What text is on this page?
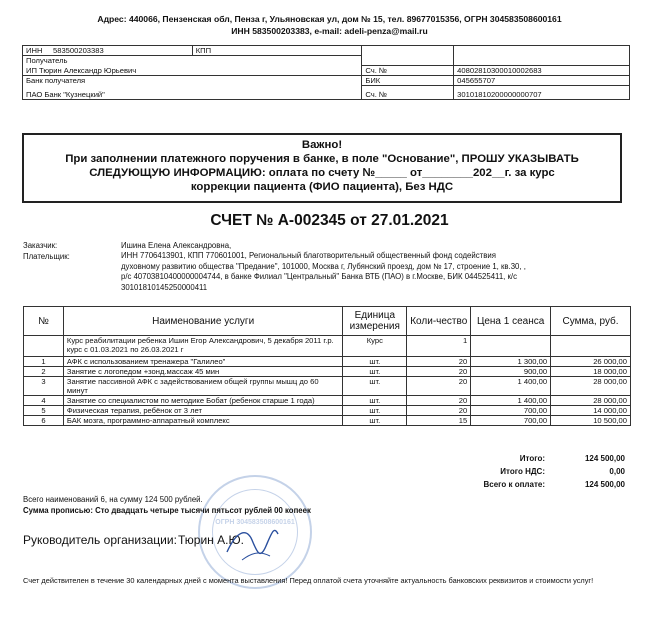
Адрес: 440066, Пензенская обл, Пенза г, Ульяновская ул, дом № 15, тел. 89677015356, ОГРН 304583508600161
ИНН 583500203383, e-mail: adeli-penza@mail.ru
ИНН 583500203383	КПП		
Получатель			
ИП Тюрин Александр Юрьевич		Сч. №	40802810300010002683
Банк получателя		БИК	045655707
ПАО Банк "Кузнецкий"		Сч. №	30101810200000000707
Важно!
При заполнении платежного поручения в банке, в поле "Основание", ПРОШУ УКАЗЫВАТЬ
СЛЕДУЮЩУЮ ИНФОРМАЦИЮ: оплата по счету №_____ от________202__г. за курс
коррекции пациента (ФИО пациента), Без НДС
СЧЕТ № А-002345 от 27.01.2021
Заказчик:	Ишина Елена Александровна,
Плательщик:	ИНН 7706413901, КПП 770601001, Региональный благотворительный общественный фонд содействия
духовному развитию общества "Предание", 101000, Москва г, Лубянский проезд, дом № 17, строение 1, кв.30, ,
р/с 40703810400000004744, в банке Филиал "Центральный" Банка ВТБ (ПАО) в г.Москве, БИК 044525411, к/с
30101810145250000411
№	Наименование услуги	Единица измерения	Коли-чество	Цена 1 сеанса	Сумма, руб.
	Курс реабилитации ребенка Ишин Егор Александрович, 5 декабря 2011 г.р. курс с 01.03.2021 по 26.03.2021 г	Курс	1		
1	АФК с использованием тренажера "Галилео"	шт.	20	1 300,00	26 000,00
2	Занятие с логопедом +зонд.массаж 45 мин	шт.	20	900,00	18 000,00
3	Занятие пассивной АФК с задействованием общей группы мышц до 60 минут	шт.	20	1 400,00	28 000,00
4	Занятие со специалистом по методике Бобат (ребенок старше 1 года)	шт.	20	1 400,00	28 000,00
5	Физическая терапия, ребёнок от 3 лет	шт.	20	700,00	14 000,00
6	БАК мозга, программно-аппаратный комплекс	шт.	15	700,00	10 500,00
Итого:	124 500,00
Итого НДС:	0,00
Всего к оплате:	124 500,00
ОГРН 304583508600161
Всего наименований 6, на сумму 124 500 рублей.
Сумма прописью: Сто двадцать четыре тысячи пятьсот рублей 00 копеек
Руководитель организации: Тюрин А.Ю.
Счет действителен в течение 30 календарных дней с момента выставления! Перед оплатой счета уточняйте актуальность банковских реквизитов и стоимости услуг!
